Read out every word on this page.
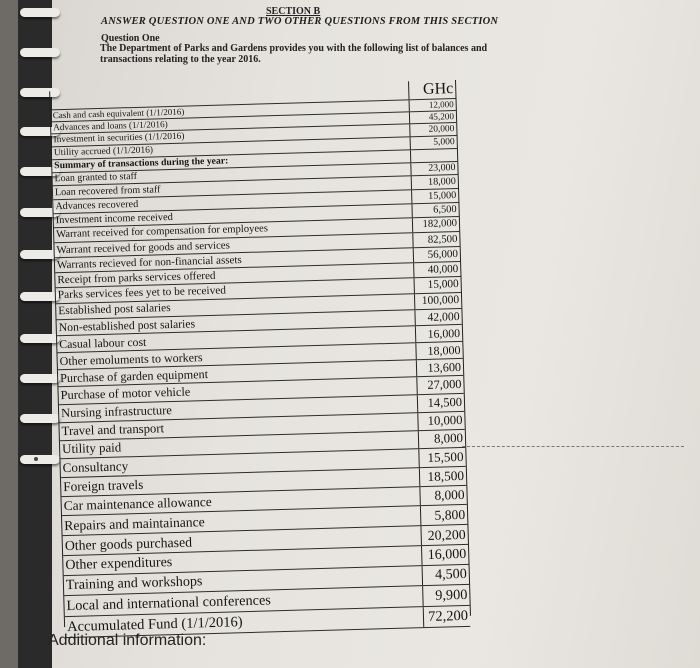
SECTION B
ANSWER QUESTION ONE AND TWO OTHER QUESTIONS FROM THIS SECTION
Question One
The Department of Parks and Gardens provides you with the following list of balances and transactions relating to the year 2016.

GHc
Cash and cash equivalent (1/1/2016)
12,000
Advances and loans (1/1/2016)
45,200
Investment in securities (1/1/2016)
20,000
Utility accrued (1/1/2016)
5,000
Summary of transactions during the year:
Loan granted to staff
23,000
Loan recovered from staff
18,000
Advances recovered
15,000
Investment income received
6,500
Warrant received for compensation for employees	182,000
Warrant received for goods and services	82,500
Warrants recieved for non-financial assets	56,000
Receipt from parks services offered
40,000
Parks services fees yet to be received
15,000
Established post salaries
100,000
Non-established post salaries
42,000
Casual labour cost
16,000
Other emoluments to workers	18,000
Purchase of garden equipment	13,600
Purchase of motor vehicle
27,000
Nursing infrastructure
14,500
Travel and transport
10,000
Utility paid
8,000
Consultancy
15,500
Foreign travels
18,500
Car maintenance allowance	8,000
Repairs and maintainance	5,800
Other goods purchased	20,200
Other expenditures
16,000
Training and workshops	4,500
Local and international conferences	9,900
Accumulated Fund (1/1/2016)	72,200
Additional information:
